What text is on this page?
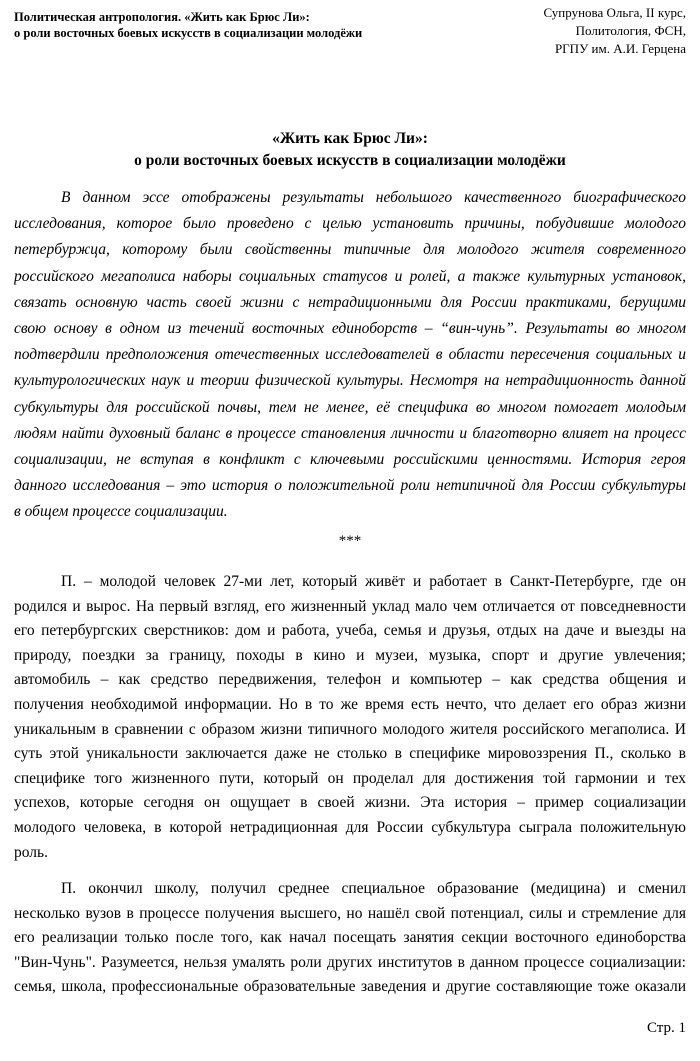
Политическая антропология. «Жить как Брюс Ли»:
о роли восточных боевых искусств в социализации молодёжи
Супрунова Ольга, II курс,
Политология, ФСН,
РГПУ им. А.И. Герцена
«Жить как Брюс Ли»:
о роли восточных боевых искусств в социализации молодёжи
В данном эссе отображены результаты небольшого качественного биографического
исследования, которое было проведено с целью установить причины, побудившие молодого
петербуржца, которому были свойственны типичные для молодого жителя современного
российского мегаполиса наборы социальных статусов и ролей, а также культурных установок,
связать основную часть своей жизни с нетрадиционными для России практиками, берущими
свою основу в одном из течений восточных единоборств – “вин-чунь”. Результаты во многом
подтвердили предположения отечественных исследователей в области пересечения социальных и
культурологических наук и теории физической культуры. Несмотря на нетрадиционность данной
субкультуры для российской почвы, тем не менее, её специфика во многом помогает молодым
людям найти духовный баланс в процессе становления личности и благотворно влияет на процесс
социализации, не вступая в конфликт с ключевыми российскими ценностями. История героя
данного исследования – это история о положительной роли нетипичной для России субкультуры
в общем процессе социализации.
***
П. – молодой человек 27-ми лет, который живёт и работает в Санкт-Петербурге, где он
родился и вырос. На первый взгляд, его жизненный уклад мало чем отличается от повседневности
его петербургских сверстников: дом и работа, учеба, семья и друзья, отдых на даче и выезды на
природу, поездки за границу, походы в кино и музеи, музыка, спорт и другие увлечения;
автомобиль – как средство передвижения, телефон и компьютер – как средства общения и
получения необходимой информации. Но в то же время есть нечто, что делает его образ жизни
уникальным в сравнении с образом жизни типичного молодого жителя российского мегаполиса. И
суть этой уникальности заключается даже не столько в специфике мировоззрения П., сколько в
специфике того жизненного пути, который он проделал для достижения той гармонии и тех
успехов, которые сегодня он ощущает в своей жизни. Эта история – пример социализации
молодого человека, в которой нетрадиционная для России субкультура сыграла положительную
роль.
П. окончил школу, получил среднее специальное образование (медицина) и сменил
несколько вузов в процессе получения высшего, но нашёл свой потенциал, силы и стремление для
его реализации только после того, как начал посещать занятия секции восточного единоборства
"Вин-Чунь". Разумеется, нельзя умалять роли других институтов в данном процессе социализации:
семья, школа, профессиональные образовательные заведения и другие составляющие тоже оказали
Стр. 1
